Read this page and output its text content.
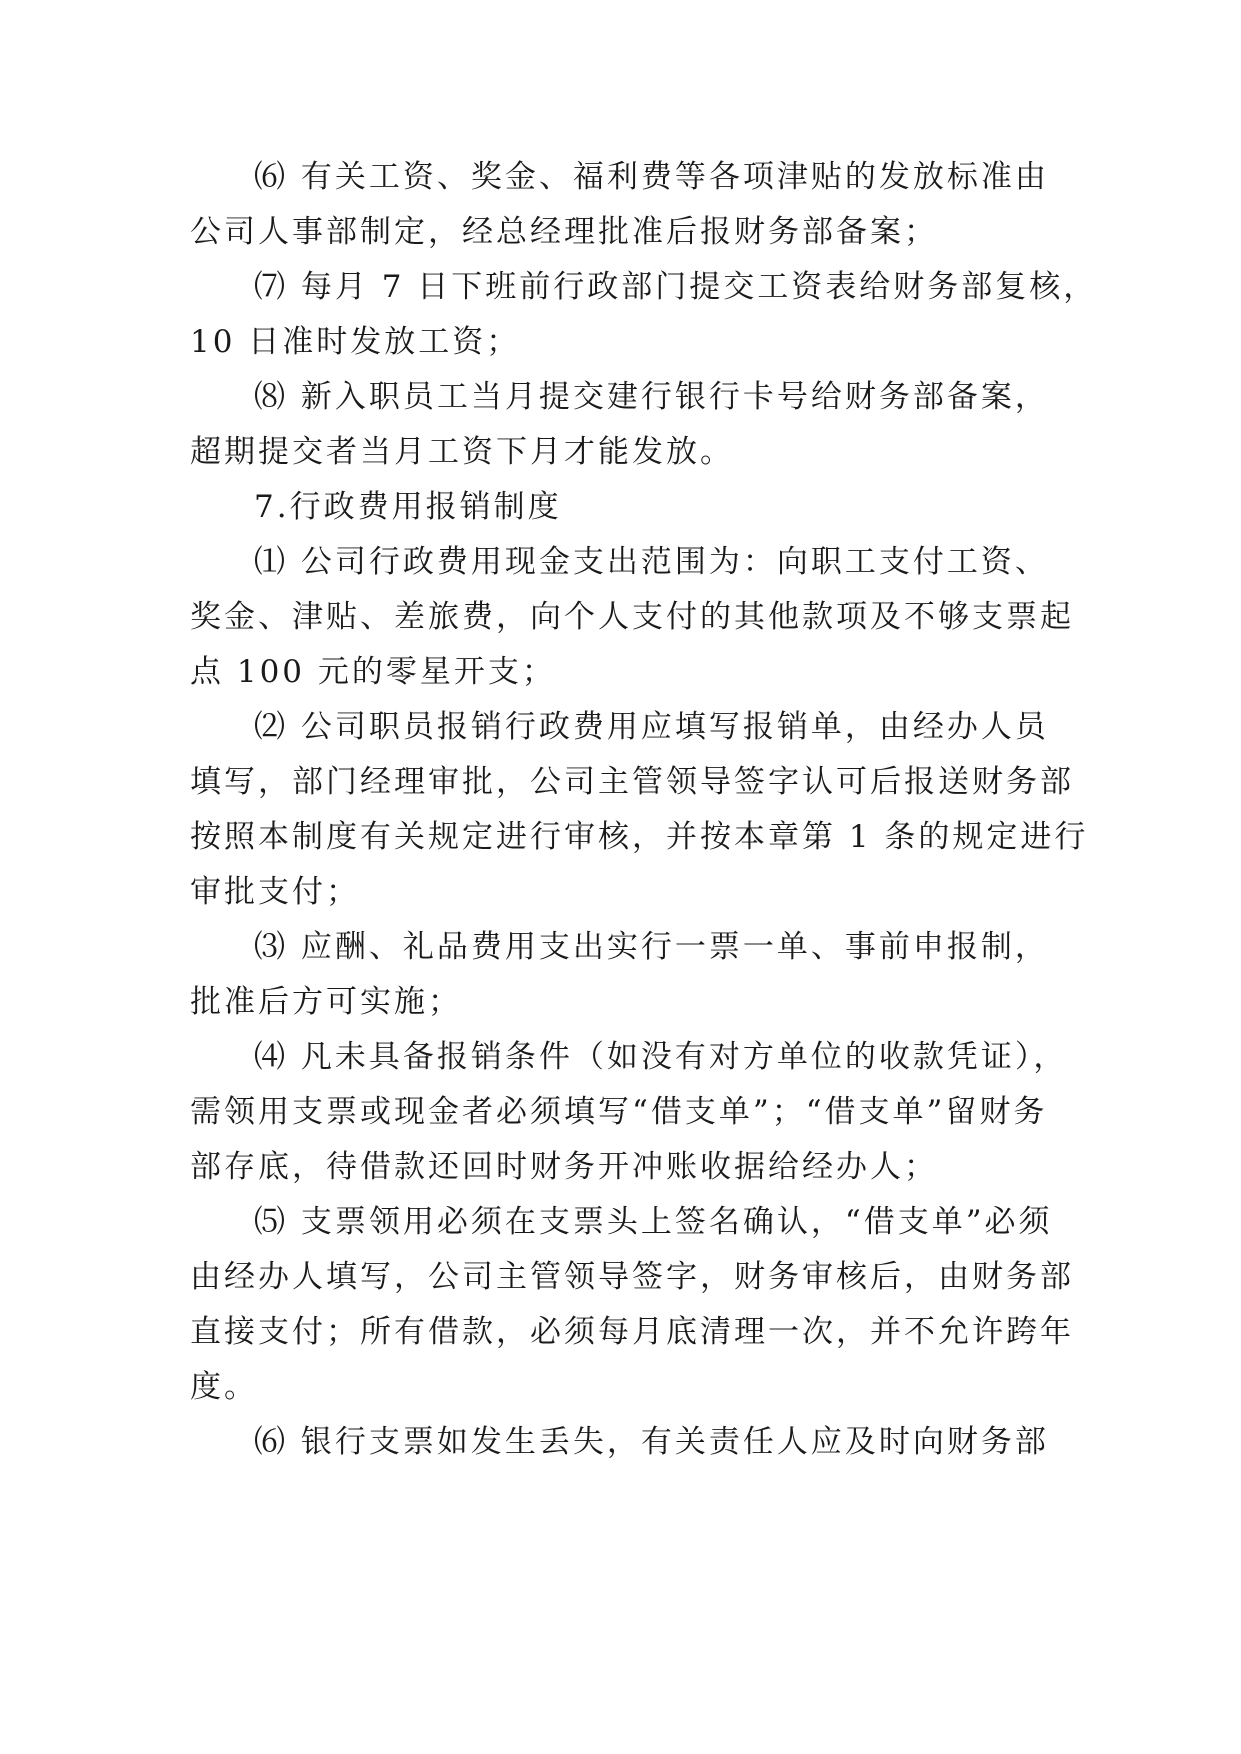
⑹ 有关工资、奖金、福利费等各项津贴的发放标准由
公司人事部制定，经总经理批准后报财务部备案；
⑺ 每月 7 日下班前行政部门提交工资表给财务部复核，
10 日准时发放工资；
⑻ 新入职员工当月提交建行银行卡号给财务部备案，
超期提交者当月工资下月才能发放。
7.行政费用报销制度
⑴ 公司行政费用现金支出范围为：向职工支付工资、
奖金、津贴、差旅费，向个人支付的其他款项及不够支票起
点 100 元的零星开支；
⑵ 公司职员报销行政费用应填写报销单，由经办人员
填写，部门经理审批，公司主管领导签字认可后报送财务部
按照本制度有关规定进行审核，并按本章第 1 条的规定进行
审批支付；
⑶ 应酬、礼品费用支出实行一票一单、事前申报制，
批准后方可实施；
⑷ 凡未具备报销条件（如没有对方单位的收款凭证），
需领用支票或现金者必须填写“借支单”；“借支单”留财务
部存底，待借款还回时财务开冲账收据给经办人；
⑸ 支票领用必须在支票头上签名确认，“借支单”必须
由经办人填写，公司主管领导签字，财务审核后，由财务部
直接支付；所有借款，必须每月底清理一次，并不允许跨年
度。
⑹ 银行支票如发生丢失，有关责任人应及时向财务部
